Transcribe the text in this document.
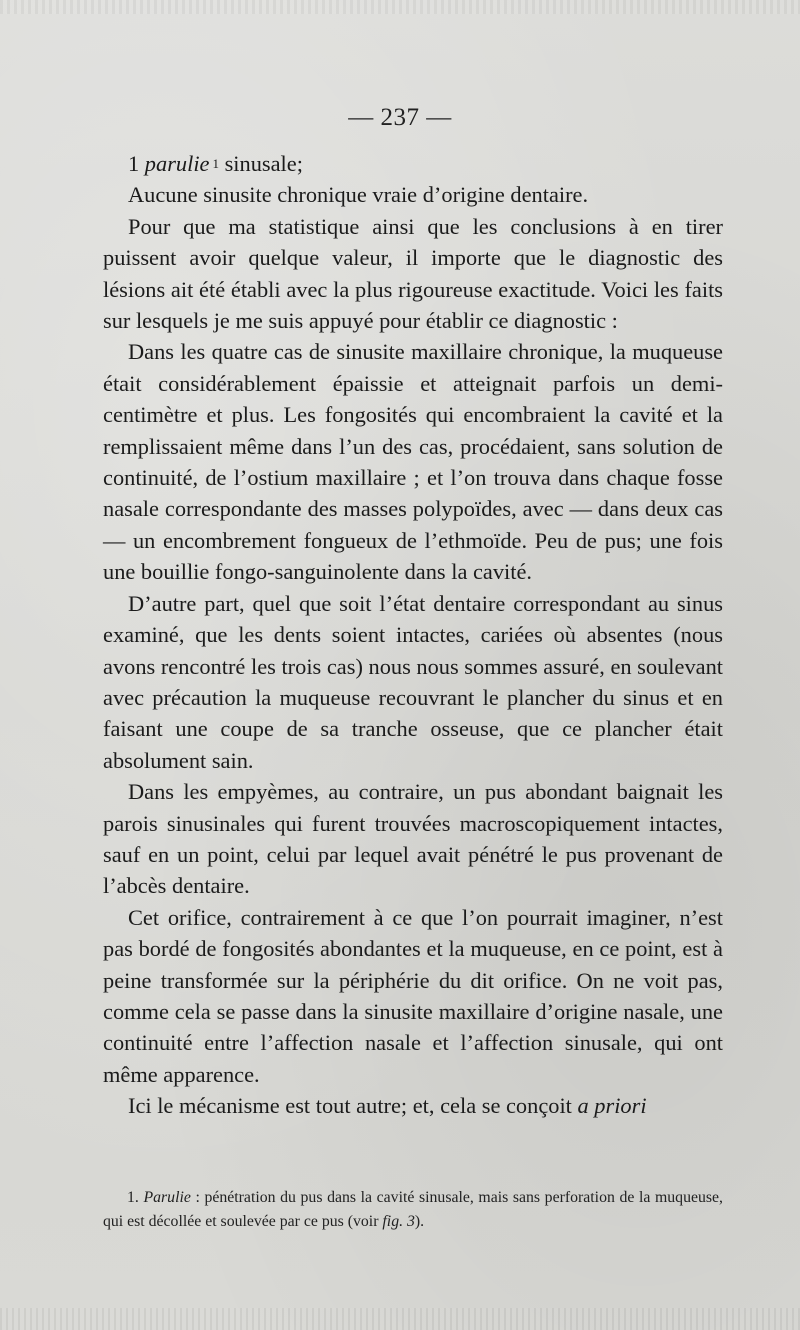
— 237 —

1 parulie 1 sinusale;

Aucune sinusite chronique vraie d’origine dentaire.

Pour que ma statistique ainsi que les conclusions à en tirer puissent avoir quelque valeur, il importe que le diagnostic des lésions ait été établi avec la plus rigoureuse exactitude. Voici les faits sur lesquels je me suis appuyé pour établir ce diagnostic :

Dans les quatre cas de sinusite maxillaire chronique, la muqueuse était considérablement épaissie et atteignait parfois un demi-centimètre et plus. Les fongosités qui encombraient la cavité et la remplissaient même dans l’un des cas, procédaient, sans solution de continuité, de l’ostium maxillaire ; et l’on trouva dans chaque fosse nasale correspondante des masses polypoïdes, avec — dans deux cas — un encombrement fongueux de l’ethmoïde. Peu de pus; une fois une bouillie fongo-sanguinolente dans la cavité.

D’autre part, quel que soit l’état dentaire correspondant au sinus examiné, que les dents soient intactes, cariées où absentes (nous avons rencontré les trois cas) nous nous sommes assuré, en soulevant avec précaution la muqueuse recouvrant le plancher du sinus et en faisant une coupe de sa tranche osseuse, que ce plancher était absolument sain.

Dans les empyèmes, au contraire, un pus abondant baignait les parois sinusinales qui furent trouvées macroscopiquement intactes, sauf en un point, celui par lequel avait pénétré le pus provenant de l’abcès dentaire.

Cet orifice, contrairement à ce que l’on pourrait imaginer, n’est pas bordé de fongosités abondantes et la muqueuse, en ce point, est à peine transformée sur la périphérie du dit orifice. On ne voit pas, comme cela se passe dans la sinusite maxillaire d’origine nasale, une continuité entre l’affection nasale et l’affection sinusale, qui ont même apparence.

Ici le mécanisme est tout autre; et, cela se conçoit a priori

1. Parulie : pénétration du pus dans la cavité sinusale, mais sans perforation de la muqueuse, qui est décollée et soulevée par ce pus (voir fig. 3).
